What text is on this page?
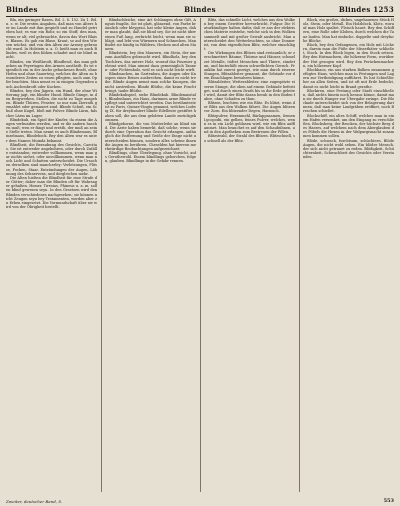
Blindes	Blindes	Blindes 1253

Bla, ein geringer Rasen, Bd. 2. S. 152. Zu 1. Bd. u. s. w. Die ersten Angaben, daß man von Alters her im Lande mit ihm gespielt und zu Handel getrieben hat; es war ein Rohr, so ein Stoff, den man, wenn er alt, viel gebrauchte, davon das Wort Blaise, Blasen. Es gab ein Blase, Kraut, so auf den Wiesen wächst, und von den Alten zur Arzney gebraucht ward. In Holstein u. a. O. heißt man es auch Blindes, weil es den Kühen schadet und sie blind macht.

Blindes, ein Weißbrodt, Blindbrod, das man gebacken an Feyertagen den Armen austheilt. Es ist eigentlich ein in der Asche gebackenes Brodt, ohne Hefen und ohne Sauerteig, welches die Alten zu besonderen Zeiten zu essen pflegten, auch zum Opfer brachten. Man nennt es in einigen Gegenden auch Aschenbrodt oder Kuchen.

Blindes, bey den Jägern, ein Hund, der ohne Witterung jagt, ein blinder Hund. Blinde Gänge, in den Bergwerken, Stollen, die nicht zu Tage ausgehen. Blinde Thüren, Fenster, so nur zum Zierrath gemahlet oder gemauert sind. Blinde Schuß, ein Schuß ohne Kugel, bloß mit Pulver. Blinde Lärm, falscher Lärm im Lager.

Blindekuh, ein Spiel der Kinder, da einem die Augen verbunden werden, und er die andern haschen muß; wen er fängt und erräth, der muß an seine Stelle treten. Man nennt es auch Blindemaus, Blinzelmaus, Blindebock. Bey den Alten war es unter dem Namen Muinda bekannt.

Blindheit, die Beraubung des Gesichts, Caecitas. Sie ist entweder angebohren, oder durch Zufälle entstanden; entweder vollkommen, wenn man gar nichts siehet, oder unvollkommen, wenn man noch Licht und Schatten unterscheidet. Die Ursachen derselben sind mancherley: Verletzungen, Flüsse, Pocken, Staar, Entzündungen der Augen, Lähmung des Sehnervens, und dergleichen mehr.

Die Alten hielten die Blindheit für eine Strafe der Götter; daher man die Blinden oft für Wahrsager gehalten. Homer, Tiresias, Phineus u. a. m. sollen blind gewesen seyn. In den Gesetzen wird den Blinden verschiedenes nachgesehen; sie können nicht Zeugen seyn bey Testamenten, werden aber zu Erben eingesetzt. Die Vormundschaft über sie wird von der Obrigkeit bestellt.

Blindschleiche, eine Art Schlangen ohne Gift, Anguis fragilis. Sie ist glatt, glänzend, von Farbe bräunlich oder bleygrau, hat sehr kleine Augen, daher man glaubt, daß sie blind sey. Sie ist nicht über einen Fuß lang, zerbricht leicht, wenn man sie schlägt, und lebt von Würmern und Schnecken. Man findet sie häufig in Wäldern, Hecken und alten Mauern.

Blindstein, bey den Maurern, ein Stein, der nur zum Ausfüllen gebraucht wird. Blindholz, bey den Tischlern, das untere Holz, worauf das Fournier geleimt wird. Man nimmt dazu gemeiniglich Tannen- oder Fichtenholz, weil es sich nicht leicht wirft.

Blindmachen, im Gartenbau, die Augen oder Knospen eines Reises ausbrechen, damit es nicht treibe. Blinde Augen nennt man solche Knospen, die nicht austreiben. Blinde Blüthe, die keine Frucht bringt, taube Blüthe.

Blindekuhspiel, siehe Blindekuh. Blindenanstalt, Blindenhaus, ein Haus, darinnen arme Blinde verpflegt und unterrichtet werden. Das berühmteste ist zu Paris, Quinze-Vingts genannt, welches Ludwig IX. für dreyhundert blinde Edelleute gestiftet haben soll, die aus dem gelobten Lande zurückgekommen.

Blindgeborne, die von Mutterleibe an blind sind. Die Ärzte haben bemerkt, daß solche, wenn sie durch eine Operation das Gesicht erlangen, anfänglich die Entfernung und Größe der Dinge nicht unterscheiden können, sondern alles scheine ihnen die Augen zu berühren. Cheselden hat hiervon merkwürdige Beobachtungen aufgezeichnet.

Blindlings, ohne Überlegung, ohne Vorsicht, aufs Gerathewohl. Einem blindlings gehorchen, folgen, glauben. Blindlings in die Gefahr rennen.

Blitz, das schnelle Licht, welches aus den Wolken bey einem Gewitter hervorbricht, Fulgur. Die Naturkündiger halten dafür, daß er aus der elektrischen Materie entstehe, welche sich in den Wolken sammelt und mit großer Gewalt ausbricht. Man unterscheidet den Wetterleuchten, so ohne Donner ist, von dem eigentlichen Blitz, welcher einschlägt.

Die Wirkungen des Blitzes sind erstaunlich; er zerschmettert Bäume, Thürme und Häuser, schmelzet Metalle, tödtet Menschen und Thiere, zündet an, und hinterläßt einen schweflichten Geruch. Franklin hat zuerst gezeigt, wie man durch eiserne Stangen, Blitzableiter genannt, die Gebäude vor dem Einschlagen bewahren könne.

Blitzableiter, Wetterableiter, eine zugespitzte eiserne Stange, die oben auf einem Gebäude befestiget, und durch einen Drath bis in die Erde geleitet wird, damit der Blitz daran herab in den Boden fahre, ohne Schaden zu thun.

Blitzen, leuchten wie ein Blitz. Es blitzt, wenn der Blitz aus den Wolken fähret. Die Augen blitzen vor Zorn. Ein blitzender Degen, Harnisch.

Blitzpulver, Hexenmehl, Bärlappsaamen, Semen Lycopodii, ein gelbes, feines Pulver, welches, wenn es in ein Licht geblasen wird, wie ein Blitz aufflammet. Man brauchet es auf den Schaubühnen, und in den Apotheken zum Bestreuen der Pillen.

Blitzstrahl, der Strahl des Blitzes. Blitzschnell, so schnell als der Blitz.

Block, ein großes, dickes, ungehauenes Stück Holz, Stein, oder Metall. Ein Holzblock, Klotz, worauf man Holz spaltet, Fleisch hauet. Bey den Schiffern, eine Rolle oder Kloben, durch welchen die Taue laufen. Man hat einfache, doppelte und dreyfache Blöcke.

Block, bey den Gefangenen, ein Holz mit Löchern, darein man die Füße der Missethäter schließet, Stock. In den Block legen, in den Stock setzen. Bey den Hutmachern, die hölzerne Form, worüber der Hut gezogen wird. Bey den Perückenmachern, ein hölzerner Kopf.

Blockhaus, ein aus starken Balken zusammen gefügtes Haus, welches man in Festungen und Lagern zur Vertheidigung aufführet. Es hat Schießlöcher an allen Seiten, und ist oft mit Erde bedeckt, damit es nicht leicht in Brand gerathe.

Blockiren, eine Festung oder Stadt einschließen, daß nichts hinein noch heraus könne, damit man sie durch Hunger zur Übergabe zwinge. Die Blockade unterscheidet sich von der Belagerung darinnen, daß man keine Laufgräben eröffnet, noch Breschen schießet.

Blockschiff, ein altes Schiff, welches man in einem Hafen versenket, um den Eingang zu verschließen. Blocksberg, der Brocken, der höchste Berg des Harzes, auf welchem nach dem Aberglauben des Pöbels die Hexen in der Walpurgisnacht zusammen kommen sollen.

Blöde, schwach, furchtsam, schüchtern. Blöde Augen, die nicht wohl sehen. Ein blöder Mensch, der sich nicht getrauet zu reden. Blödigkeit, Schüchternheit, Schwachheit des Gesichts oder Verstandes.

Zweiter, deutscher Band, S.	553
